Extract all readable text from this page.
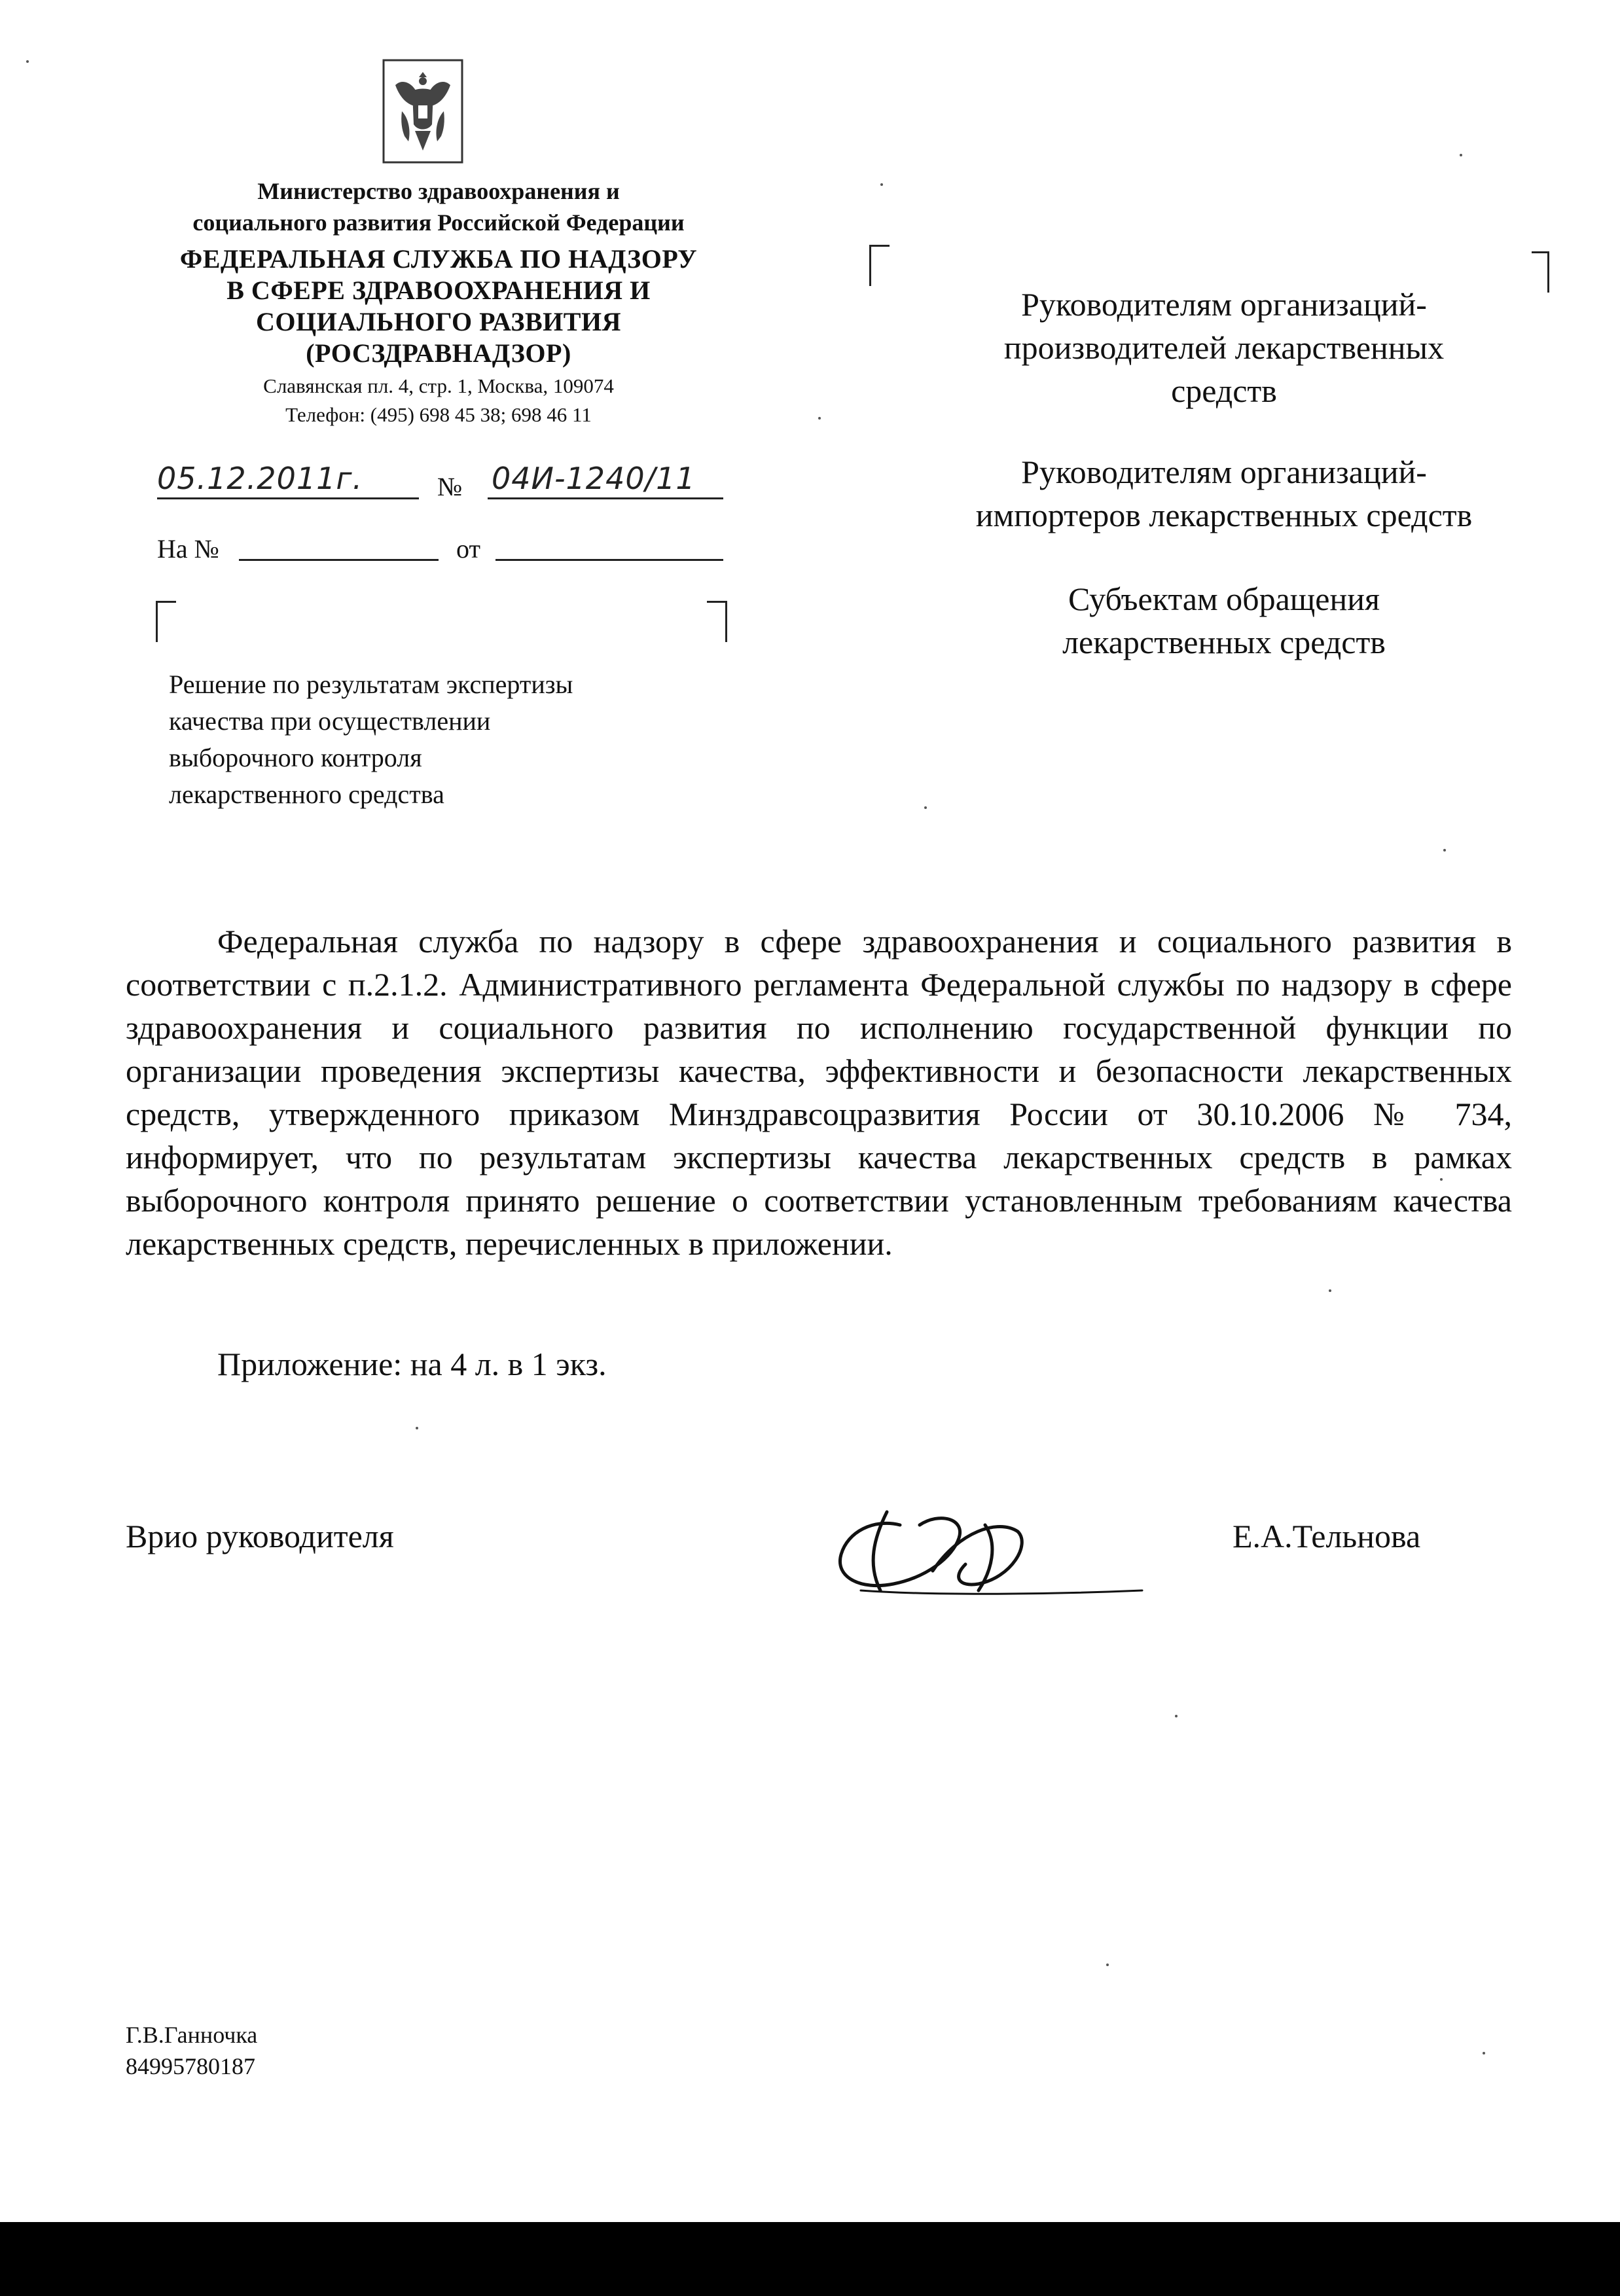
Министерство здравоохранения и
социального развития Российской Федерации
ФЕДЕРАЛЬНАЯ СЛУЖБА ПО НАДЗОРУ
В СФЕРЕ ЗДРАВООХРАНЕНИЯ И
СОЦИАЛЬНОГО РАЗВИТИЯ
(РОСЗДРАВНАДЗОР)
Славянская пл. 4, стр. 1, Москва, 109074
Телефон: (495) 698 45 38; 698 46 11
05.12.2011г.	№ 04И-1240/11
На №	от
Решение по результатам экспертизы
качества при осуществлении
выборочного контроля
лекарственного средства
Руководителям организаций-
производителей лекарственных
средств
Руководителям организаций-
импортеров лекарственных средств
Субъектам обращения
лекарственных средств
Федеральная служба по надзору в сфере здравоохранения и социального развития в соответствии с п.2.1.2. Административного регламента Федеральной службы по надзору в сфере здравоохранения и социального развития по исполнению государственной функции по организации проведения экспертизы качества, эффективности и безопасности лекарственных средств, утвержденного приказом Минздравсоцразвития России от 30.10.2006 № 734, информирует, что по результатам экспертизы качества лекарственных средств в рамках выборочного контроля принято решение о соответствии установленным требованиям качества лекарственных средств, перечисленных в приложении.
Приложение: на 4 л. в 1 экз.
Врио руководителя	Е.А.Тельнова
Г.В.Ганночка
84995780187
